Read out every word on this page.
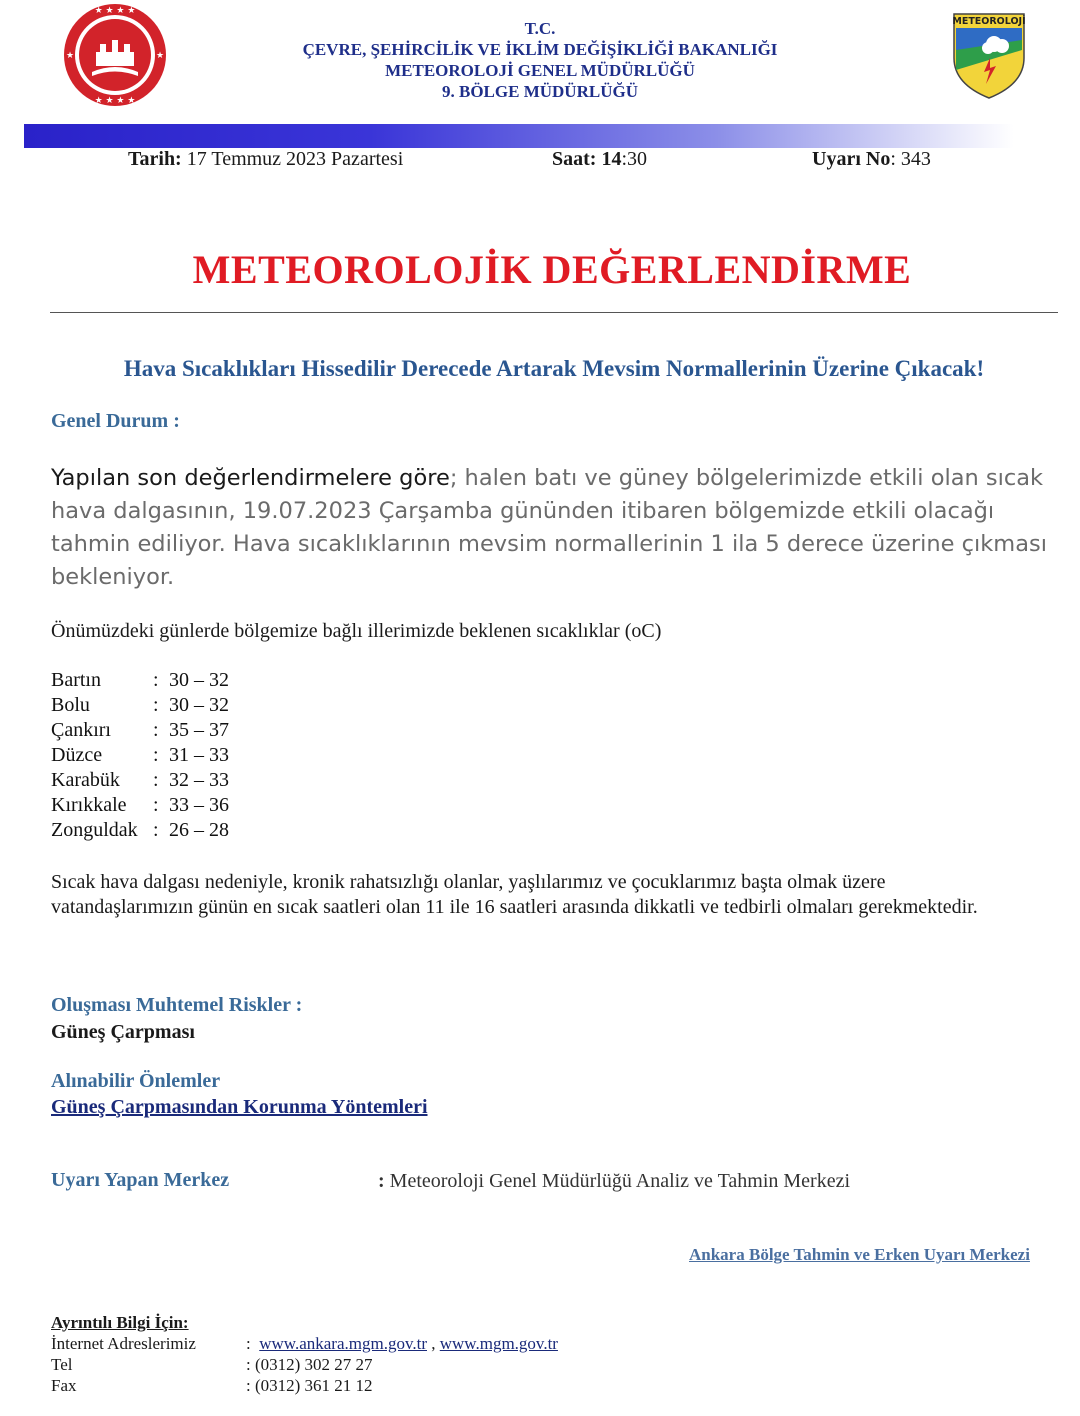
★ ★ ★ ★
★ ★ ★ ★
★	★
T.C.
ÇEVRE, ŞEHİRCİLİK VE İKLİM DEĞİŞİKLİĞİ BAKANLIĞI
METEOROLOJİ GENEL MÜDÜRLÜĞÜ
9. BÖLGE MÜDÜRLÜĞÜ
METEOROLOJİ
Tarih: 17 Temmuz 2023 Pazartesi	Saat: 14:30	Uyarı No: 343
METEOROLOJİK DEĞERLENDİRME
Hava Sıcaklıkları Hissedilir Derecede Artarak Mevsim Normallerinin Üzerine Çıkacak!
Genel Durum :
Yapılan son değerlendirmelere göre; halen batı ve güney bölgelerimizde etkili olan sıcak hava dalgasının, 19.07.2023 Çarşamba gününden itibaren bölgemizde etkili olacağı tahmin ediliyor. Hava sıcaklıklarının mevsim normallerinin 1 ila 5 derece üzerine çıkması bekleniyor.
Önümüzdeki günlerde bölgemize bağlı illerimizde beklenen sıcaklıklar (oC)
Bartın	:	30 – 32
Bolu	:	30 – 32
Çankırı	:	35 – 37
Düzce	:	31 – 33
Karabük	:	32 – 33
Kırıkkale	:	33 – 36
Zonguldak	:	26 – 28
Sıcak hava dalgası nedeniyle, kronik rahatsızlığı olanlar, yaşlılarımız ve çocuklarımız başta olmak üzere vatandaşlarımızın günün en sıcak saatleri olan 11 ile 16 saatleri arasında dikkatli ve tedbirli olmaları gerekmektedir.
Oluşması Muhtemel Riskler :
Güneş Çarpması
Alınabilir Önlemler
Güneş Çarpmasından Korunma Yöntemleri
Uyarı Yapan Merkez	: Meteoroloji Genel Müdürlüğü Analiz ve Tahmin Merkezi
Ankara Bölge Tahmin ve Erken Uyarı Merkezi
Ayrıntılı Bilgi İçin:
İnternet Adreslerimiz	:  www.ankara.mgm.gov.tr , www.mgm.gov.tr
Tel	: (0312) 302 27 27
Fax	: (0312) 361 21 12
